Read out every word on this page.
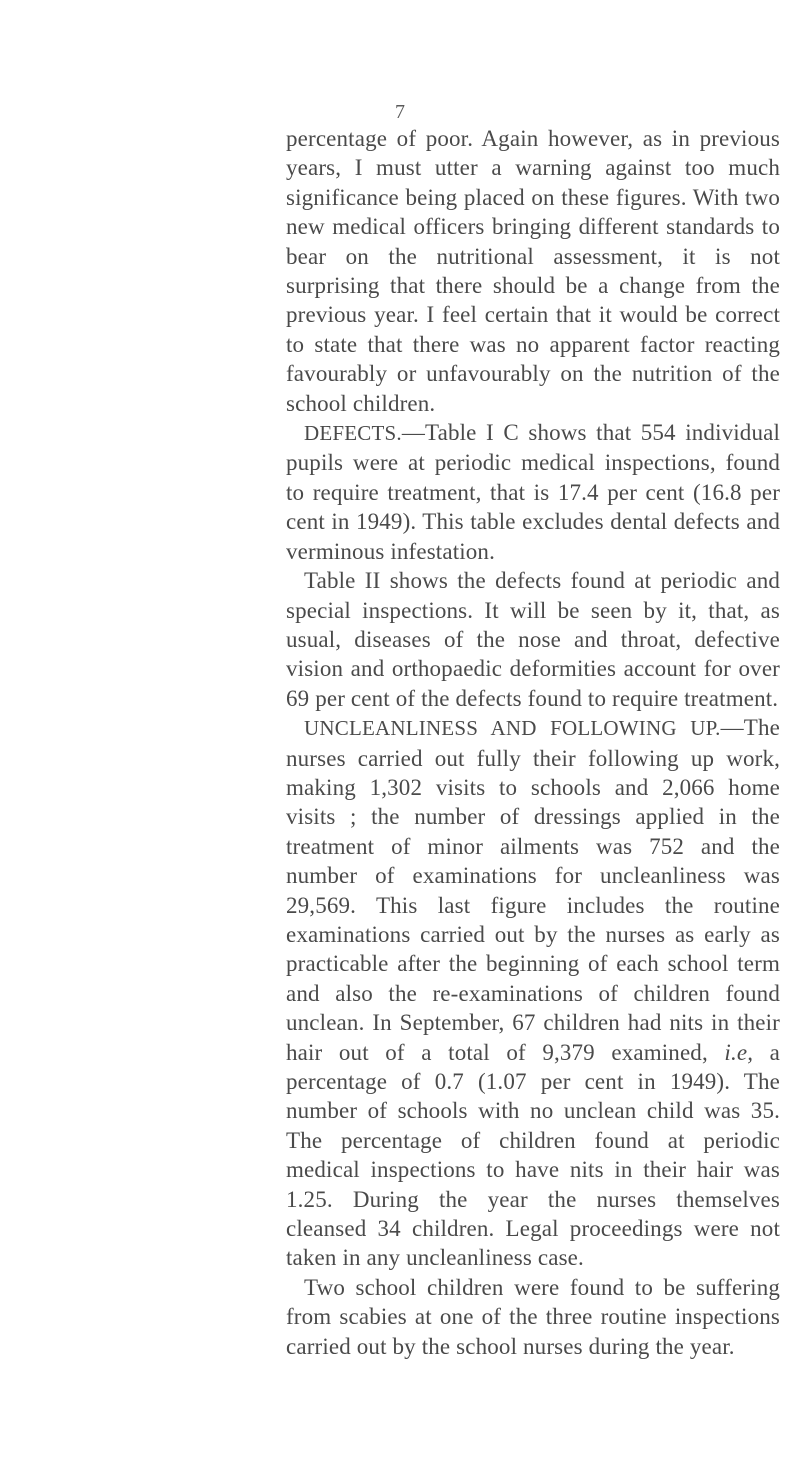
7

percentage of poor. Again however, as in previous years, I must utter a warning against too much significance being placed on these figures. With two new medical officers bringing different standards to bear on the nutritional assessment, it is not surprising that there should be a change from the previous year. I feel certain that it would be correct to state that there was no apparent factor reacting favourably or unfavourably on the nutrition of the school children.

DEFECTS.—Table I C shows that 554 individual pupils were at periodic medical inspections, found to require treatment, that is 17.4 per cent (16.8 per cent in 1949). This table excludes dental defects and verminous infestation.

Table II shows the defects found at periodic and special inspections. It will be seen by it, that, as usual, diseases of the nose and throat, defective vision and orthopaedic deformities account for over 69 per cent of the defects found to require treatment.

UNCLEANLINESS AND FOLLOWING UP.—The nurses carried out fully their following up work, making 1,302 visits to schools and 2,066 home visits ; the number of dressings applied in the treatment of minor ailments was 752 and the number of examinations for uncleanliness was 29,569. This last figure includes the routine examinations carried out by the nurses as early as practicable after the beginning of each school term and also the re-examinations of children found unclean. In September, 67 children had nits in their hair out of a total of 9,379 examined, i.e, a percentage of 0.7 (1.07 per cent in 1949). The number of schools with no unclean child was 35. The percentage of children found at periodic medical inspections to have nits in their hair was 1.25. During the year the nurses themselves cleansed 34 children. Legal proceedings were not taken in any uncleanliness case.

Two school children were found to be suffering from scabies at one of the three routine inspections carried out by the school nurses during the year.
